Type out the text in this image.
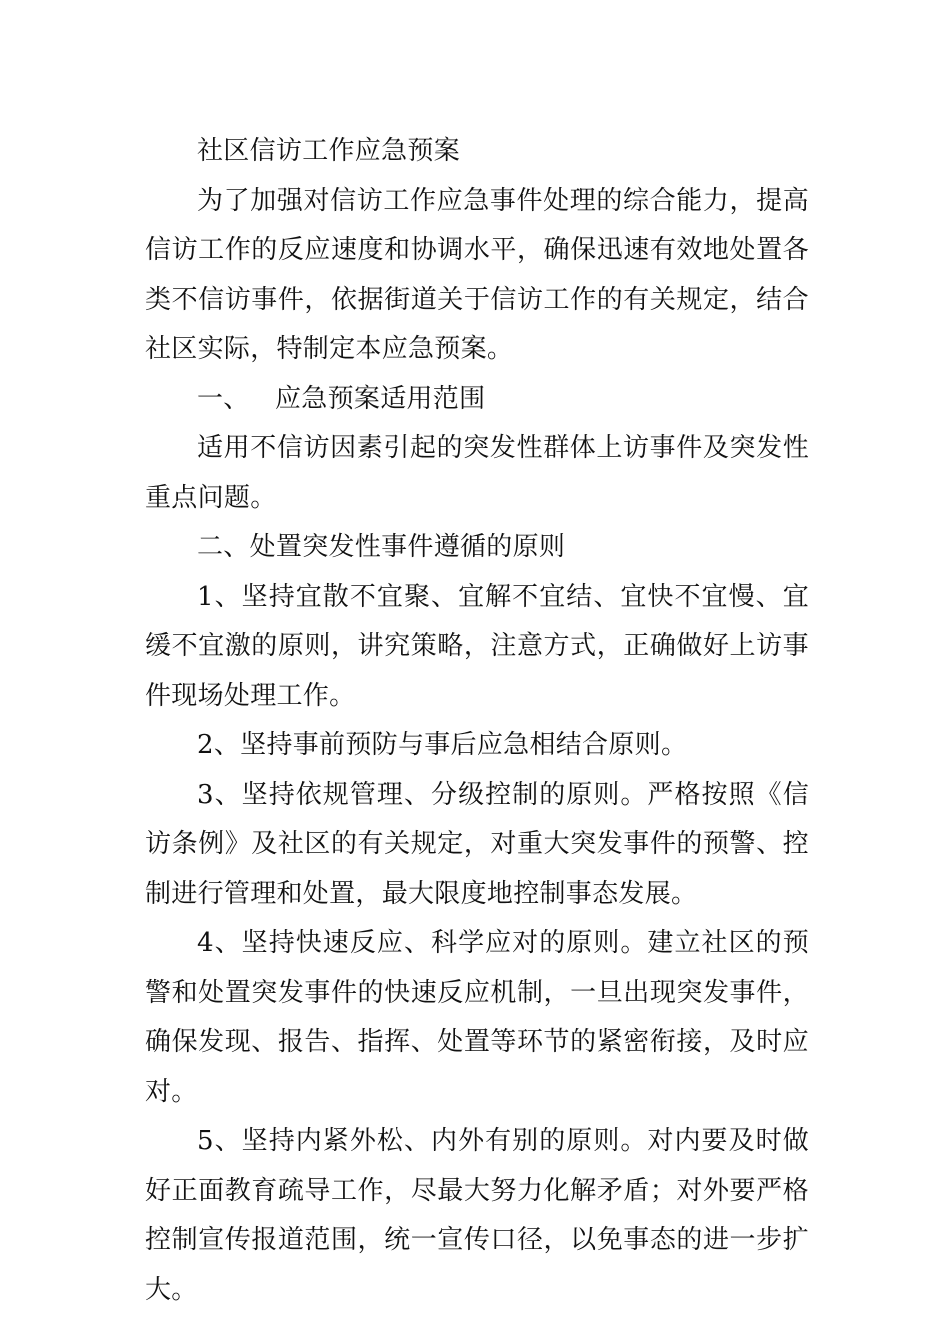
社区信访工作应急预案

为了加强对信访工作应急事件处理的综合能力，提高信访工作的反应速度和协调水平，确保迅速有效地处置各类不信访事件，依据街道关于信访工作的有关规定，结合社区实际，特制定本应急预案。

一、 应急预案适用范围

适用不信访因素引起的突发性群体上访事件及突发性重点问题。

二、处置突发性事件遵循的原则

1、坚持宜散不宜聚、宜解不宜结、宜快不宜慢、宜缓不宜激的原则，讲究策略，注意方式，正确做好上访事件现场处理工作。

2、坚持事前预防与事后应急相结合原则。

3、坚持依规管理、分级控制的原则。严格按照《信访条例》及社区的有关规定，对重大突发事件的预警、控制进行管理和处置，最大限度地控制事态发展。

4、坚持快速反应、科学应对的原则。建立社区的预警和处置突发事件的快速反应机制，一旦出现突发事件，确保发现、报告、指挥、处置等环节的紧密衔接，及时应对。

5、坚持内紧外松、内外有别的原则。对内要及时做好正面教育疏导工作，尽最大努力化解矛盾；对外要严格控制宣传报道范围，统一宣传口径，以免事态的进一步扩大。
